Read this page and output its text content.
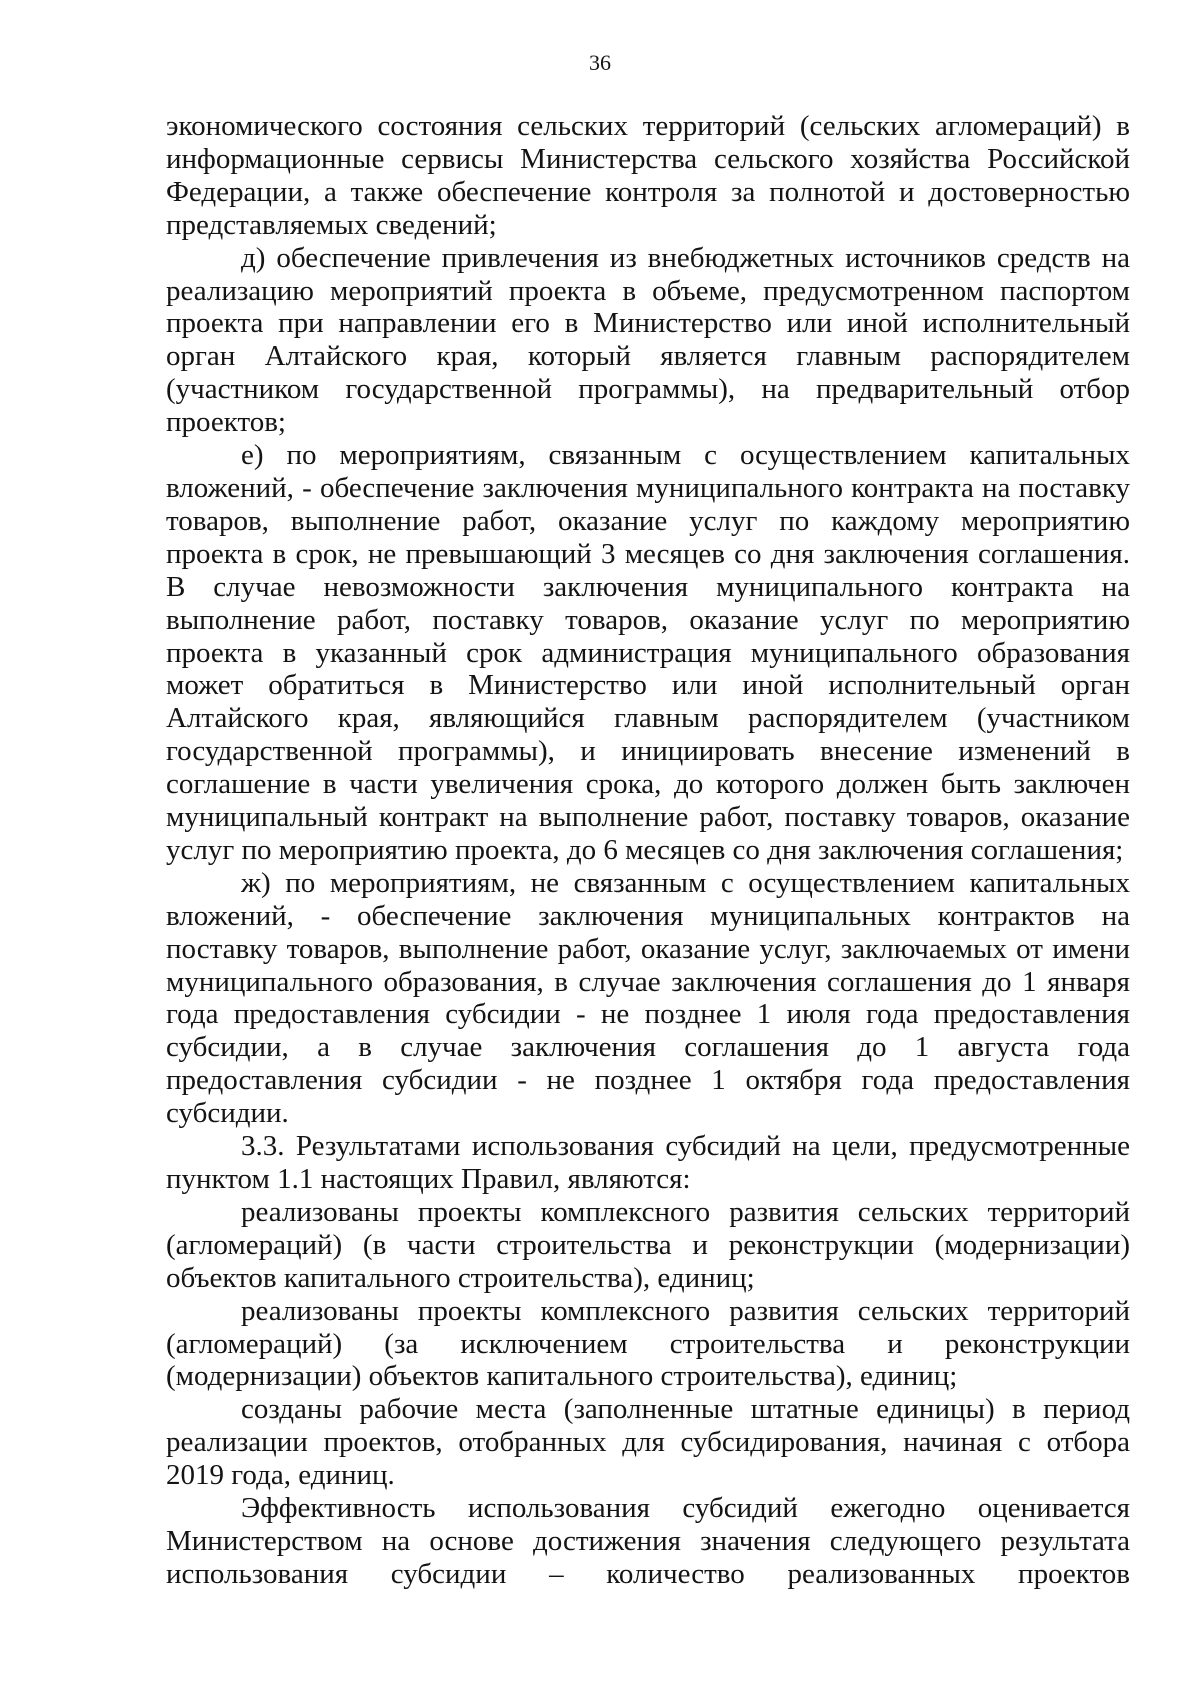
36

экономического состояния сельских территорий (сельских агломераций) в информационные сервисы Министерства сельского хозяйства Российской Федерации, а также обеспечение контроля за полнотой и достоверностью представляемых сведений;

д) обеспечение привлечения из внебюджетных источников средств на реализацию мероприятий проекта в объеме, предусмотренном паспортом проекта при направлении его в Министерство или иной исполнительный орган Алтайского края, который является главным распорядителем (участником государственной программы), на предварительный отбор проектов;

е) по мероприятиям, связанным с осуществлением капитальных вложений, - обеспечение заключения муниципального контракта на поставку товаров, выполнение работ, оказание услуг по каждому мероприятию проекта в срок, не превышающий 3 месяцев со дня заключения соглашения. В случае невозможности заключения муниципального контракта на выполнение работ, поставку товаров, оказание услуг по мероприятию проекта в указанный срок администрация муниципального образования может обратиться в Министерство или иной исполнительный орган Алтайского края, являющийся главным распорядителем (участником государственной программы), и инициировать внесение изменений в соглашение в части увеличения срока, до которого должен быть заключен муниципальный контракт на выполнение работ, поставку товаров, оказание услуг по мероприятию проекта, до 6 месяцев со дня заключения соглашения;

ж) по мероприятиям, не связанным с осуществлением капитальных вложений, - обеспечение заключения муниципальных контрактов на поставку товаров, выполнение работ, оказание услуг, заключаемых от имени муниципального образования, в случае заключения соглашения до 1 января года предоставления субсидии - не позднее 1 июля года предоставления субсидии, а в случае заключения соглашения до 1 августа года предоставления субсидии - не позднее 1 октября года предоставления субсидии.

3.3. Результатами использования субсидий на цели, предусмотренные пунктом 1.1 настоящих Правил, являются:

реализованы проекты комплексного развития сельских территорий (агломераций) (в части строительства и реконструкции (модернизации) объектов капитального строительства), единиц;

реализованы проекты комплексного развития сельских территорий (агломераций) (за исключением строительства и реконструкции (модернизации) объектов капитального строительства), единиц;

созданы рабочие места (заполненные штатные единицы) в период реализации проектов, отобранных для субсидирования, начиная с отбора 2019 года, единиц.

Эффективность использования субсидий ежегодно оценивается Министерством на основе достижения значения следующего результата использования субсидии – количество реализованных проектов
